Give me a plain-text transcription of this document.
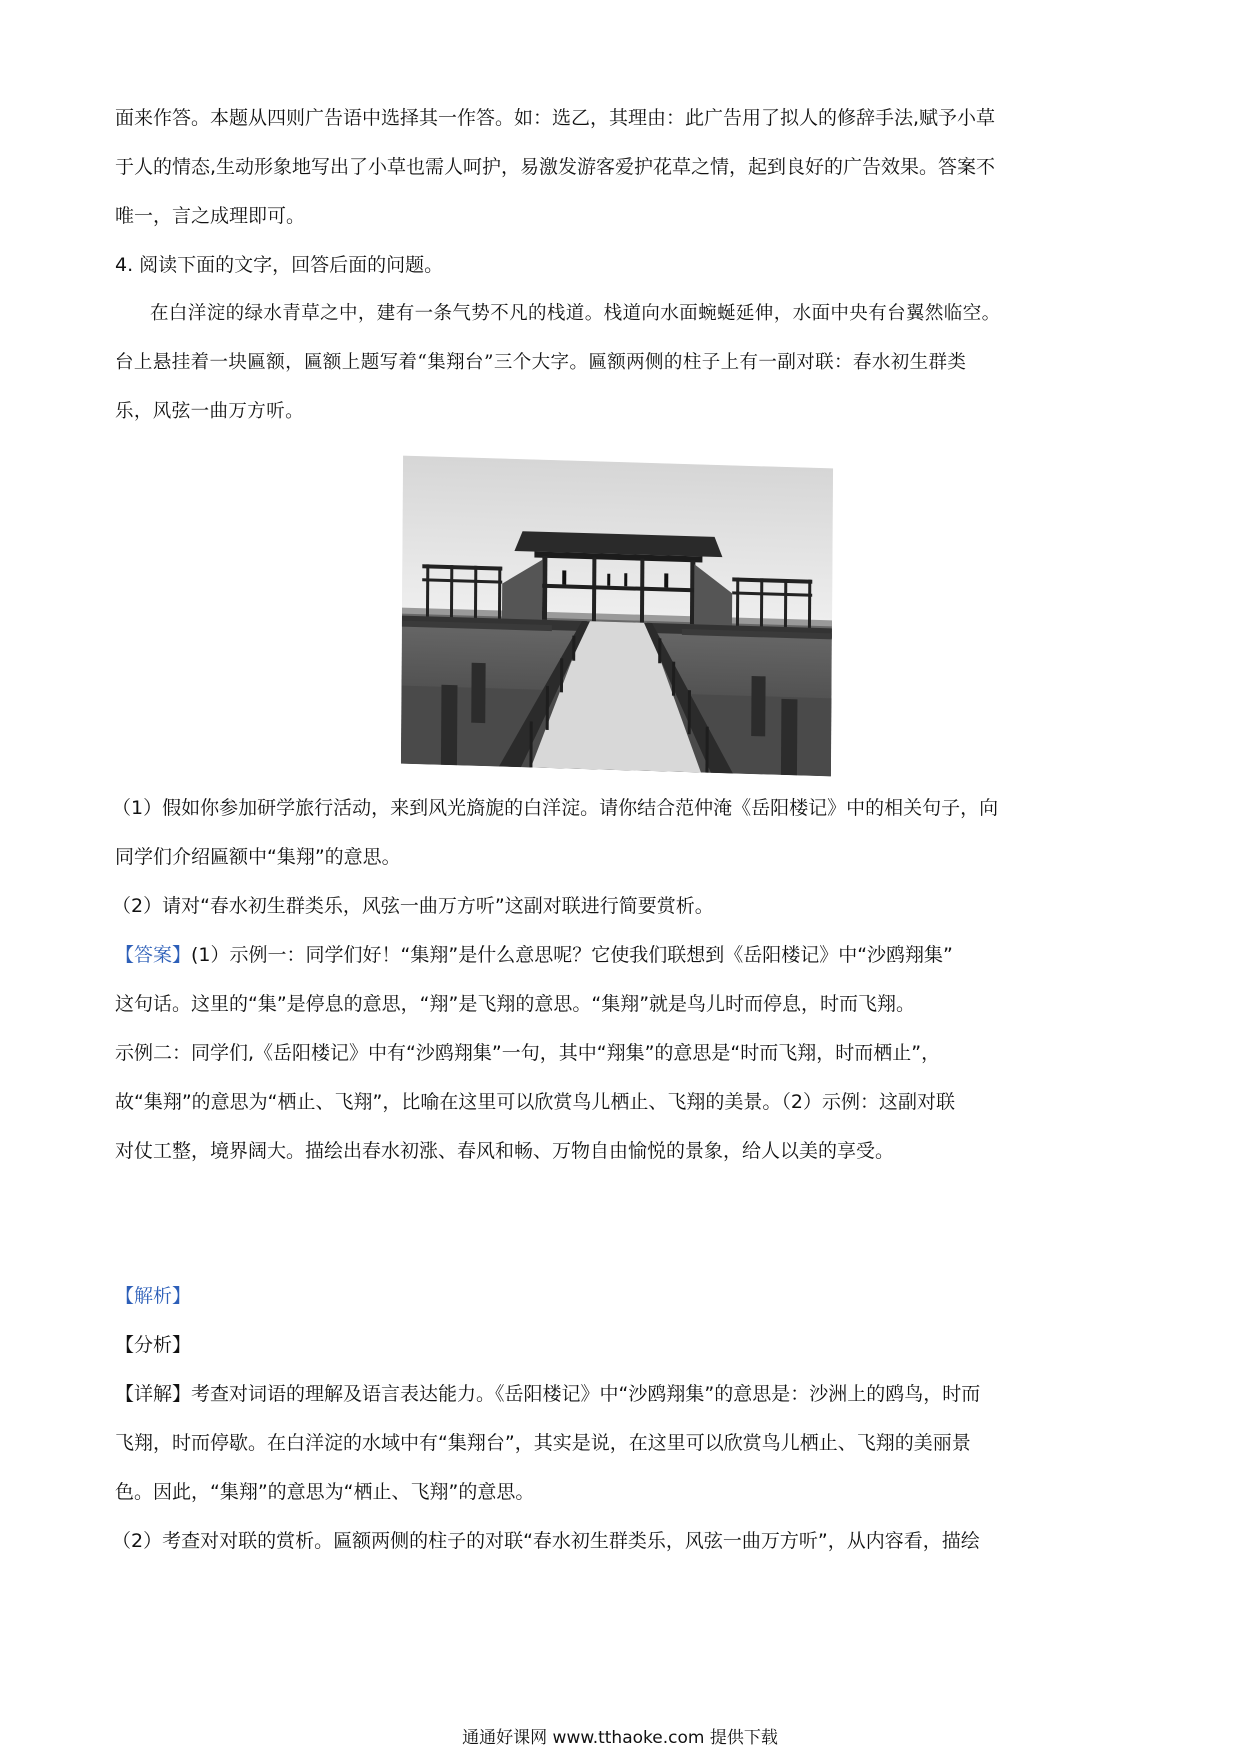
面来作答。本题从四则广告语中选择其一作答。如：选乙，其理由：此广告用了拟人的修辞手法,赋予小草
于人的情态,生动形象地写出了小草也需人呵护，易激发游客爱护花草之情，起到良好的广告效果。答案不
唯一，言之成理即可。
4. 阅读下面的文字，回答后面的问题。
在白洋淀的绿水青草之中，建有一条气势不凡的栈道。栈道向水面蜿蜒延伸，水面中央有台翼然临空。
台上悬挂着一块匾额，匾额上题写着“集翔台”三个大字。匾额两侧的柱子上有一副对联：春水初生群类
乐，风弦一曲万方听。
（1）假如你参加研学旅行活动，来到风光旖旎的白洋淀。请你结合范仲淹《岳阳楼记》中的相关句子，向
同学们介绍匾额中“集翔”的意思。
（2）请对“春水初生群类乐，风弦一曲万方听”这副对联进行简要赏析。
【答案】(1）示例一：同学们好！“集翔”是什么意思呢？它使我们联想到《岳阳楼记》中“沙鸥翔集”
这句话。这里的“集”是停息的意思，“翔”是飞翔的意思。“集翔”就是鸟儿时而停息，时而飞翔。
示例二：同学们,《岳阳楼记》中有“沙鸥翔集”一句，其中“翔集”的意思是“时而飞翔，时而栖止”，
故“集翔”的意思为“栖止、飞翔”，比喻在这里可以欣赏鸟儿栖止、飞翔的美景。（2）示例：这副对联
对仗工整，境界阔大。描绘出春水初涨、春风和畅、万物自由愉悦的景象，给人以美的享受。
【解析】
【分析】
【详解】考查对词语的理解及语言表达能力。《岳阳楼记》中“沙鸥翔集”的意思是：沙洲上的鸥鸟，时而
飞翔，时而停歇。在白洋淀的水域中有“集翔台”，其实是说，在这里可以欣赏鸟儿栖止、飞翔的美丽景
色。因此，“集翔”的意思为“栖止、飞翔”的意思。
（2）考查对对联的赏析。匾额两侧的柱子的对联“春水初生群类乐，风弦一曲万方听”，从内容看，描绘
通通好课网 www.tthaoke.com 提供下载
